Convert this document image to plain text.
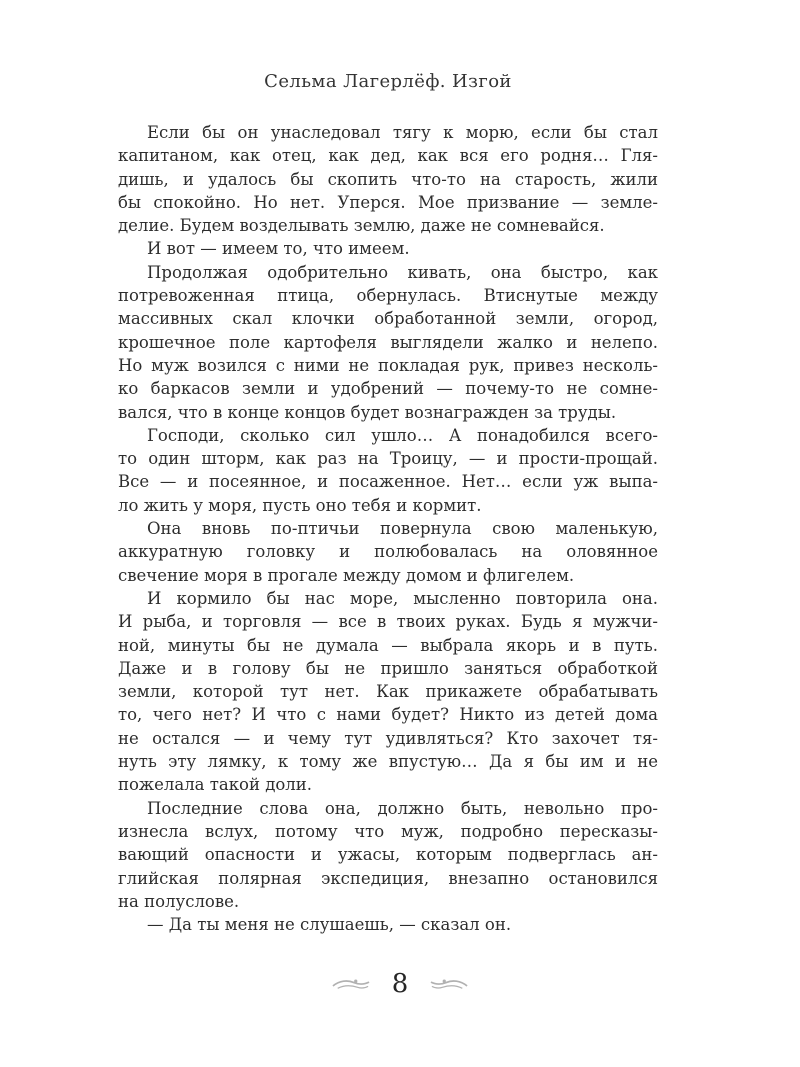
Сельма Лагерлёф. Изгой
Если бы он унаследовал тягу к морю, если бы стал
капитаном, как отец, как дед, как вся его родня… Гля-
дишь, и удалось бы скопить что-то на старость, жили
бы спокойно. Но нет. Уперся. Мое призвание — земле-
делие. Будем возделывать землю, даже не сомневайся.
И вот — имеем то, что имеем.
Продолжая одобрительно кивать, она быстро, как
потревоженная птица, обернулась. Втиснутые между
массивных скал клочки обработанной земли, огород,
крошечное поле картофеля выглядели жалко и нелепо.
Но муж возился с ними не покладая рук, привез несколь-
ко баркасов земли и удобрений — почему-то не сомне-
вался, что в конце концов будет вознагражден за труды.
Господи, сколько сил ушло… А понадобился всего-
то один шторм, как раз на Троицу, — и прости-прощай.
Все — и посеянное, и посаженное. Нет… если уж выпа-
ло жить у моря, пусть оно тебя и кормит.
Она вновь по-птичьи повернула свою маленькую,
аккуратную головку и полюбовалась на оловянное
свечение моря в прогале между домом и флигелем.
И кормило бы нас море, мысленно повторила она.
И рыба, и торговля — все в твоих руках. Будь я мужчи-
ной, минуты бы не думала — выбрала якорь и в путь.
Даже и в голову бы не пришло заняться обработкой
земли, которой тут нет. Как прикажете обрабатывать
то, чего нет? И что с нами будет? Никто из детей дома
не остался — и чему тут удивляться? Кто захочет тя-
нуть эту лямку, к тому же впустую… Да я бы им и не
пожелала такой доли.
Последние слова она, должно быть, невольно про-
изнесла вслух, потому что муж, подробно пересказы-
вающий опасности и ужасы, которым подверглась ан-
глийская полярная экспедиция, внезапно остановился
на полуслове.
— Да ты меня не слушаешь, — сказал он.
8
